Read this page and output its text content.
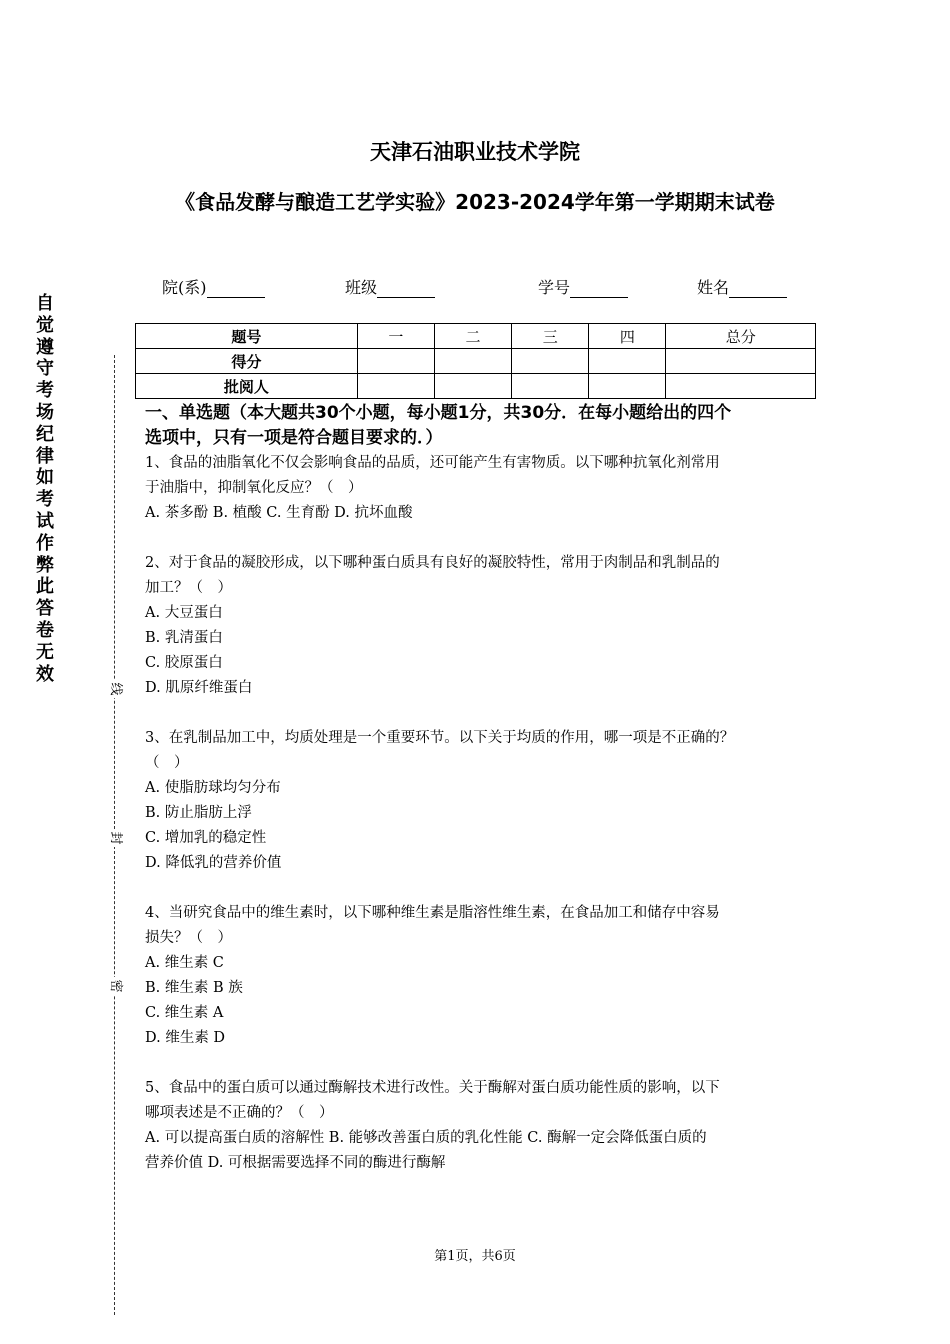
天津石油职业技术学院
《食品发酵与酿造工艺学实验》2023-2024学年第一学期期末试卷
院(系)	班级	学号	姓名
题号	一	二	三	四	总分
得分					
批阅人					
一、单选题（本大题共30个小题，每小题1分，共30分．在每小题给出的四个
选项中，只有一项是符合题目要求的．）
1、食品的油脂氧化不仅会影响食品的品质，还可能产生有害物质。以下哪种抗氧化剂常用
于油脂中，抑制氧化反应？（　）
A. 茶多酚 B. 植酸 C. 生育酚 D. 抗坏血酸
2、对于食品的凝胶形成，以下哪种蛋白质具有良好的凝胶特性，常用于肉制品和乳制品的
加工？（　）
A. 大豆蛋白
B. 乳清蛋白
C. 胶原蛋白
D. 肌原纤维蛋白
3、在乳制品加工中，均质处理是一个重要环节。以下关于均质的作用，哪一项是不正确的？
（　）
A. 使脂肪球均匀分布
B. 防止脂肪上浮
C. 增加乳的稳定性
D. 降低乳的营养价值
4、当研究食品中的维生素时，以下哪种维生素是脂溶性维生素，在食品加工和储存中容易
损失？（　）
A. 维生素 C
B. 维生素 B 族
C. 维生素 A
D. 维生素 D
5、食品中的蛋白质可以通过酶解技术进行改性。关于酶解对蛋白质功能性质的影响，以下
哪项表述是不正确的？（　）
A. 可以提高蛋白质的溶解性 B. 能够改善蛋白质的乳化性能 C. 酶解一定会降低蛋白质的
营养价值 D. 可根据需要选择不同的酶进行酶解
自
觉
遵
守
考
场
纪
律
如
考
试
作
弊
此
答
卷
无
效
线
封
密
第1页，共6页
